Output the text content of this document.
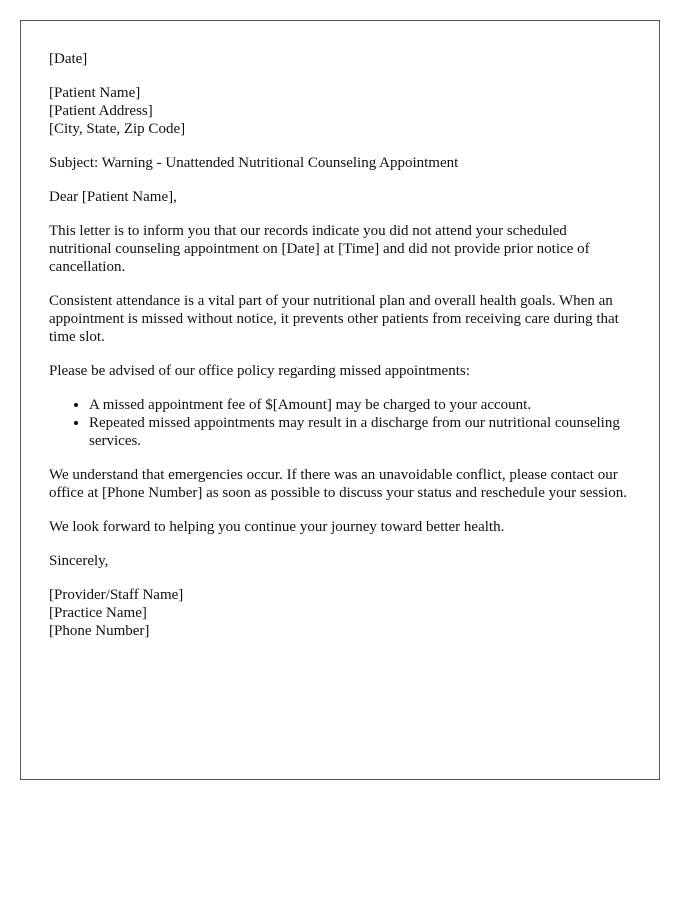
[Date]

[Patient Name]
[Patient Address]
[City, State, Zip Code]

Subject: Warning - Unattended Nutritional Counseling Appointment

Dear [Patient Name],

This letter is to inform you that our records indicate you did not attend your scheduled nutritional counseling appointment on [Date] at [Time] and did not provide prior notice of cancellation.

Consistent attendance is a vital part of your nutritional plan and overall health goals. When an appointment is missed without notice, it prevents other patients from receiving care during that time slot.

Please be advised of our office policy regarding missed appointments:

• A missed appointment fee of $[Amount] may be charged to your account.
• Repeated missed appointments may result in a discharge from our nutritional counseling services.

We understand that emergencies occur. If there was an unavoidable conflict, please contact our office at [Phone Number] as soon as possible to discuss your status and reschedule your session.

We look forward to helping you continue your journey toward better health.

Sincerely,

[Provider/Staff Name]
[Practice Name]
[Phone Number]
